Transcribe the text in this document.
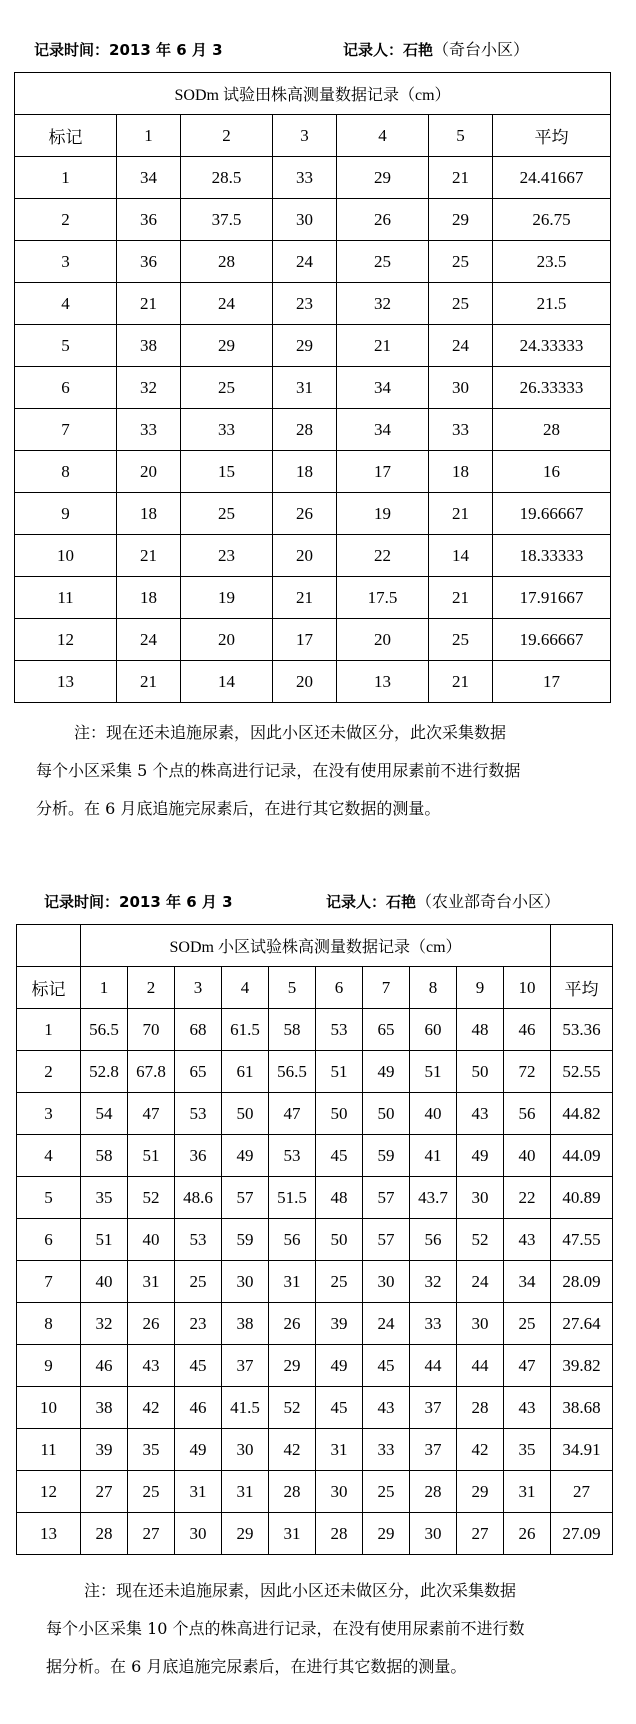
记录时间：2013 年 6 月 3	记录人：石艳（奇台小区）
SODm 试验田株高测量数据记录（cm）						
标记	1	2	3	4	5	平均
1	34	28.5	33	29	21	24.41667
2	36	37.5	30	26	29	26.75
3	36	28	24	25	25	23.5
4	21	24	23	32	25	21.5
5	38	29	29	21	24	24.33333
6	32	25	31	34	30	26.33333
7	33	33	28	34	33	28
8	20	15	18	17	18	16
9	18	25	26	19	21	19.66667
10	21	23	20	22	14	18.33333
11	18	19	21	17.5	21	17.91667
12	24	20	17	20	25	19.66667
13	21	14	20	13	21	17
注：现在还未追施尿素，因此小区还未做区分，此次采集数据
每个小区采集 5 个点的株高进行记录，在没有使用尿素前不进行数据
分析。在 6 月底追施完尿素后，在进行其它数据的测量。
记录时间：2013 年 6 月 3	记录人：石艳（农业部奇台小区）
	SODm 小区试验株高测量数据记录（cm）										
标记	1	2	3	4	5	6	7	8	9	10	平均
1	56.5	70	68	61.5	58	53	65	60	48	46	53.36
2	52.8	67.8	65	61	56.5	51	49	51	50	72	52.55
3	54	47	53	50	47	50	50	40	43	56	44.82
4	58	51	36	49	53	45	59	41	49	40	44.09
5	35	52	48.6	57	51.5	48	57	43.7	30	22	40.89
6	51	40	53	59	56	50	57	56	52	43	47.55
7	40	31	25	30	31	25	30	32	24	34	28.09
8	32	26	23	38	26	39	24	33	30	25	27.64
9	46	43	45	37	29	49	45	44	44	47	39.82
10	38	42	46	41.5	52	45	43	37	28	43	38.68
11	39	35	49	30	42	31	33	37	42	35	34.91
12	27	25	31	31	28	30	25	28	29	31	27
13	28	27	30	29	31	28	29	30	27	26	27.09
注：现在还未追施尿素，因此小区还未做区分，此次采集数据
每个小区采集 10 个点的株高进行记录，在没有使用尿素前不进行数
据分析。在 6 月底追施完尿素后，在进行其它数据的测量。
